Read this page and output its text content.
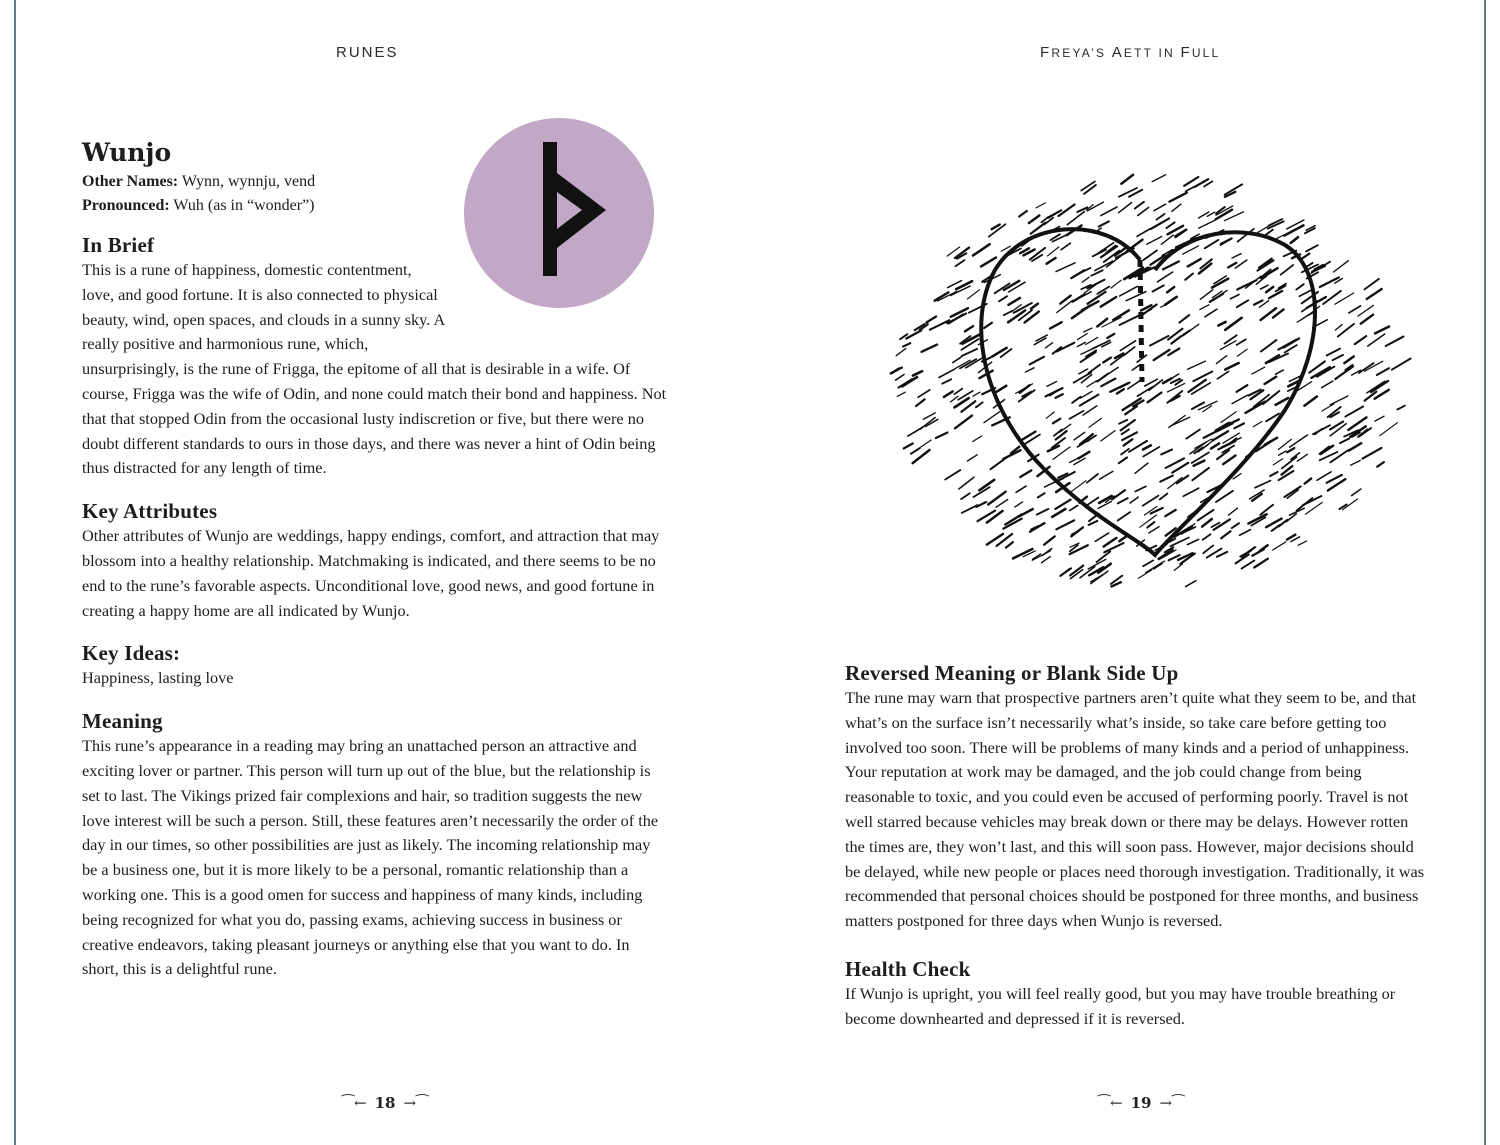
RUNES
Wunjo

Other Names: Wynn, wynnju, vend

Pronounced: Wuh (as in “wonder”)

In Brief

This is a rune of happiness, domestic contentment, love, and good fortune. It is also connected to physical beauty, wind, open spaces, and clouds in a sunny sky. A really positive and harmonious rune, which, unsurprisingly, is the rune of Frigga, the epitome of all that is desirable in a wife. Of course, Frigga was the wife of Odin, and none could match their bond and happiness. Not that that stopped Odin from the occasional lusty indiscretion or five, but there were no doubt different standards to ours in those days, and there was never a hint of Odin being thus distracted for any length of time.

Key Attributes

Other attributes of Wunjo are weddings, happy endings, comfort, and attraction that may blossom into a healthy relationship. Matchmaking is indicated, and there seems to be no end to the rune’s favorable aspects. Unconditional love, good news, and good fortune in creating a happy home are all indicated by Wunjo.

Key Ideas:

Happiness, lasting love

Meaning

This rune’s appearance in a reading may bring an unattached person an attractive and exciting lover or partner. This person will turn up out of the blue, but the relationship is set to last. The Vikings prized fair complexions and hair, so tradition suggests the new love interest will be such a person. Still, these features aren’t necessarily the order of the day in our times, so other possibilities are just as likely. The incoming relationship may be a business one, but it is more likely to be a personal, romantic relationship than a working one. This is a good omen for success and happiness of many kinds, including being recognized for what you do, passing exams, achieving success in business or creative endeavors, taking pleasant journeys or anything else that you want to do. In short, this is a delightful rune.

⁀← 18 →⁀
FREYA’S AETT IN FULL
Reversed Meaning or Blank Side Up

The rune may warn that prospective partners aren’t quite what they seem to be, and that what’s on the surface isn’t necessarily what’s inside, so take care before getting too involved too soon. There will be problems of many kinds and a period of unhappiness. Your reputation at work may be damaged, and the job could change from being reasonable to toxic, and you could even be accused of performing poorly. Travel is not well starred because vehicles may break down or there may be delays. However rotten the times are, they won’t last, and this will soon pass. However, major decisions should be delayed, while new people or places need thorough investigation. Traditionally, it was recommended that personal choices should be postponed for three months, and business matters postponed for three days when Wunjo is reversed.

Health Check

If Wunjo is upright, you will feel really good, but you may have trouble breathing or become downhearted and depressed if it is reversed.

⁀← 19 →⁀
